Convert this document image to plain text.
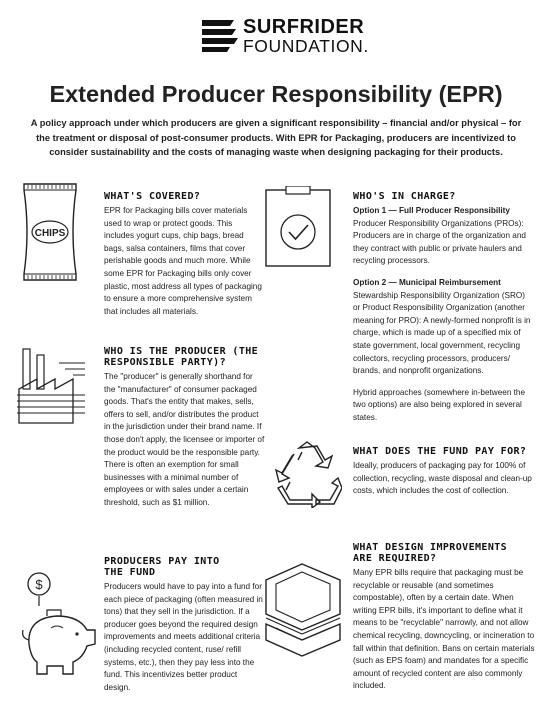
SURFRIDER
FOUNDATION.
Extended Producer Responsibility (EPR)

A policy approach under which producers are given a significant responsibility – financial and/or physical – for the treatment or disposal of post-consumer products. With EPR for Packaging, producers are incentivized to consider sustainability and the costs of managing waste when designing packaging for their products.

CHIPS
$
WHAT'S COVERED?

EPR for Packaging bills cover materials used to wrap or protect goods. This includes yogurt cups, chip bags, bread bags, salsa containers, films that cover perishable goods and much more. While some EPR for Packaging bills only cover plastic, most address all types of packaging to ensure a more comprehensive system that includes all materials.

WHO'S IN CHARGE?

Option 1 — Full Producer Responsibility

Producer Responsibility Organizations (PROs): Producers are in charge of the organization and they contract with public or private haulers and recycling processors.

Option 2 — Municipal Reimbursement

Stewardship Responsibility Organization (SRO) or Product Responsibility Organization (another meaning for PRO): A newly-formed nonprofit is in charge, which is made up of a specified mix of state government, local government, recycling collectors, recycling processors, producers/ brands, and nonprofit organizations.

Hybrid approaches (somewhere in-between the two options) are also being explored in several states.

WHO IS THE PRODUCER (THE RESPONSIBLE PARTY)?

The "producer" is generally shorthand for the "manufacturer" of consumer packaged goods. That's the entity that makes, sells, offers to sell, and/or distributes the product in the jurisdiction under their brand name. If those don't apply, the licensee or importer of the product would be the responsible party. There is often an exemption for small businesses with a minimal number of employees or with sales under a certain threshold, such as $1 million.

WHAT DOES THE FUND PAY FOR?

Ideally, producers of packaging pay for 100% of collection, recycling, waste disposal and clean-up costs, which includes the cost of collection.

PRODUCERS PAY INTO THE FUND

Producers would have to pay into a fund for each piece of packaging (often measured in tons) that they sell in the jurisdiction. If a producer goes beyond the required design improvements and meets additional criteria (including recycled content, ruse/ refill systems, etc.), then they pay less into the fund. This incentivizes better product design.

WHAT DESIGN IMPROVEMENTS ARE REQUIRED?

Many EPR bills require that packaging must be recyclable or reusable (and sometimes compostable), often by a certain date. When writing EPR bills, it's important to define what it means to be "recyclable" narrowly, and not allow chemical recycling, downcycling, or incineration to fall within that definition. Bans on certain materials (such as EPS foam) and mandates for a specific amount of recycled content are also commonly included.
